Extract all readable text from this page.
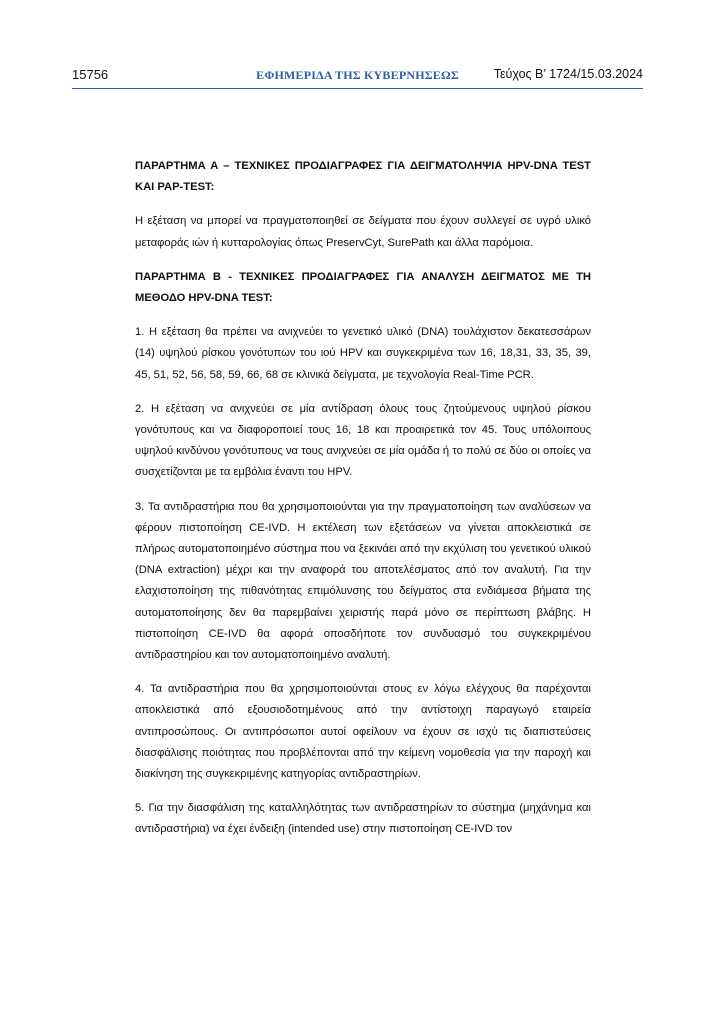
15756	ΕΦΗΜΕΡΙΔΑ ΤΗΣ ΚΥΒΕΡΝΗΣΕΩΣ	Τεύχος Β’ 1724/15.03.2024

ΠΑΡΑΡΤΗΜΑ Α – ΤΕΧΝΙΚΕΣ ΠΡΟΔΙΑΓΡΑΦΕΣ ΓΙΑ ΔΕΙΓΜΑΤΟΛΗΨΙΑ HPV-DNA TEST ΚΑΙ PAP-TEST:

Η εξέταση να μπορεί να πραγματοποιηθεί σε δείγματα που έχουν συλλεγεί σε υγρό υλικό μεταφοράς ιών ή κυτταρολογίας όπως PreservCyt, SurePath και άλλα παρόμοια.

ΠΑΡΑΡΤΗΜΑ Β - ΤΕΧΝΙΚΕΣ ΠΡΟΔΙΑΓΡΑΦΕΣ ΓΙΑ ΑΝΑΛΥΣΗ ΔΕΙΓΜΑΤΟΣ ΜΕ ΤΗ ΜΕΘΟΔΟ HPV-DNA TEST:

1. Η εξέταση θα πρέπει να ανιχνεύει το γενετικό υλικό (DNA) τουλάχιστον δεκατεσσάρων (14) υψηλού ρίσκου γονότυπων του ιού HPV και συγκεκριμένα των 16, 18,31, 33, 35, 39, 45, 51, 52, 56, 58, 59, 66, 68 σε κλινικά δείγματα, με τεχνολογία Real-Time PCR.

2. Η εξέταση να ανιχνεύει σε μία αντίδραση όλους τους ζητούμενους υψηλού ρίσκου γονότυπους και να διαφοροποιεί τους 16, 18 και προαιρετικά τον 45. Τους υπόλοιπους υψηλού κινδύνου γονότυπους να τους ανιχνεύει σε μία ομάδα ή το πολύ σε δύο οι οποίες να συσχετίζονται με τα εμβόλια έναντι του HPV.

3. Τα αντιδραστήρια που θα χρησιμοποιούνται για την πραγματοποίηση των αναλύσεων να φέρουν πιστοποίηση CE-IVD. Η εκτέλεση των εξετάσεων να γίνεται αποκλειστικά σε πλήρως αυτοματοποιημένο σύστημα που να ξεκινάει από την εκχύλιση του γενετικού υλικού (DNA extraction) μέχρι και την αναφορά του αποτελέσματος από τον αναλυτή. Για την ελαχιστοποίηση της πιθανότητας επιμόλυνσης του δείγματος στα ενδιάμεσα βήματα της αυτοματοποίησης δεν θα παρεμβαίνει χειριστής παρά μόνο σε περίπτωση βλάβης. Η πιστοποίηση CE-IVD θα αφορά οποσδήποτε τον συνδυασμό του συγκεκριμένου αντιδραστηρίου και τον αυτοματοποιημένο αναλυτή.

4. Τα αντιδραστήρια που θα χρησιμοποιούνται στους εν λόγω ελέγχους θα παρέχονται αποκλειστικά από εξουσιοδοτημένους από την αντίστοιχη παραγωγό εταιρεία αντιπροσώπους. Οι αντιπρόσωποι αυτοί οφείλουν να έχουν σε ισχύ τις διαπιστεύσεις διασφάλισης ποιότητας που προβλέπονται από την κείμενη νομοθεσία για την παροχή και διακίνηση της συγκεκριμένης κατηγορίας αντιδραστηρίων.

5. Για την διασφάλιση της καταλληλότητας των αντιδραστηρίων το σύστημα (μηχάνημα και αντιδραστήρια) να έχει ένδειξη (intended use) στην πιστοποίηση CE-IVD τον
